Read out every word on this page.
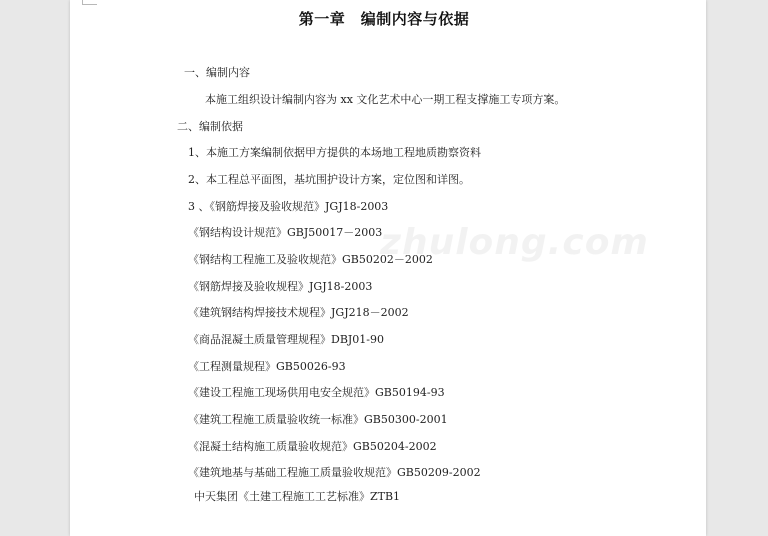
zhulong.com
第一章　编制内容与依据
一、编制内容
本施工组织设计编制内容为 xx 文化艺术中心一期工程支撑施工专项方案。
二、编制依据
1、本施工方案编制依据甲方提供的本场地工程地质勘察资料
2、本工程总平面图，基坑围护设计方案，定位图和详图。
3 、《钢筋焊接及验收规范》JGJ18-2003
《钢结构设计规范》GBJ50017－2003
《钢结构工程施工及验收规范》GB50202－2002
《钢筋焊接及验收规程》JGJ18-2003
《建筑钢结构焊接技术规程》JGJ218－2002
《商品混凝土质量管理规程》DBJ01-90
《工程测量规程》GB50026-93
《建设工程施工现场供用电安全规范》GB50194-93
《建筑工程施工质量验收统一标准》GB50300-2001
《混凝土结构施工质量验收规范》GB50204-2002
《建筑地基与基础工程施工质量验收规范》GB50209-2002
中天集团《土建工程施工工艺标准》ZTB1
